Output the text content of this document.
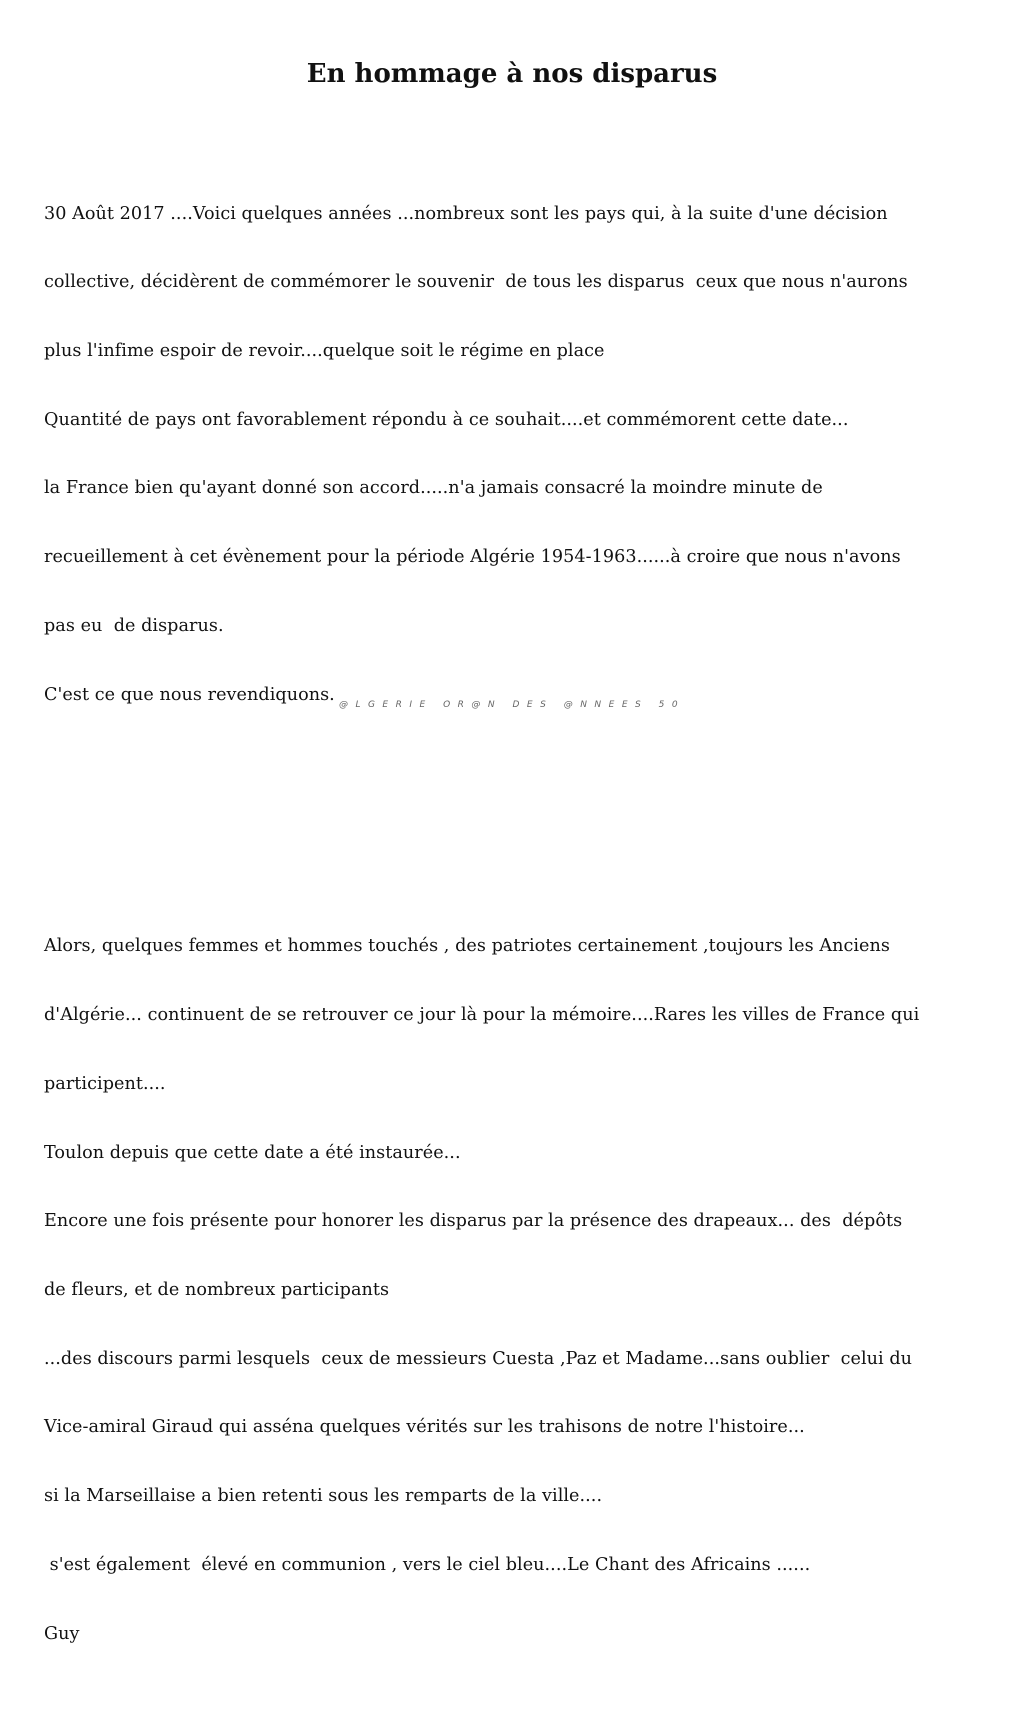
En hommage à nos disparus

30 Août 2017 ....Voici quelques années ...nombreux sont les pays qui, à la suite d'une décision

collective, décidèrent de commémorer le souvenir  de tous les disparus  ceux que nous n'aurons

plus l'infime espoir de revoir....quelque soit le régime en place

Quantité de pays ont favorablement répondu à ce souhait....et commémorent cette date...

la France bien qu'ayant donné son accord.....n'a jamais consacré la moindre minute de

recueillement à cet évènement pour la période Algérie 1954-1963......à croire que nous n'avons

pas eu  de disparus.

C'est ce que nous revendiquons.

Alors, quelques femmes et hommes touchés , des patriotes certainement ,toujours les Anciens

d'Algérie... continuent de se retrouver ce jour là pour la mémoire....Rares les villes de France qui

participent....

Toulon depuis que cette date a été instaurée...

Encore une fois présente pour honorer les disparus par la présence des drapeaux... des  dépôts

de fleurs, et de nombreux participants

...des discours parmi lesquels  ceux de messieurs Cuesta ,Paz et Madame...sans oublier  celui du

Vice-amiral Giraud qui asséna quelques vérités sur les trahisons de notre l'histoire...

si la Marseillaise a bien retenti sous les remparts de la ville....

s'est également  élevé en communion , vers le ciel bleu....Le Chant des Africains ......

Guy

@LGERIE OR@N DES @NNEES 50
